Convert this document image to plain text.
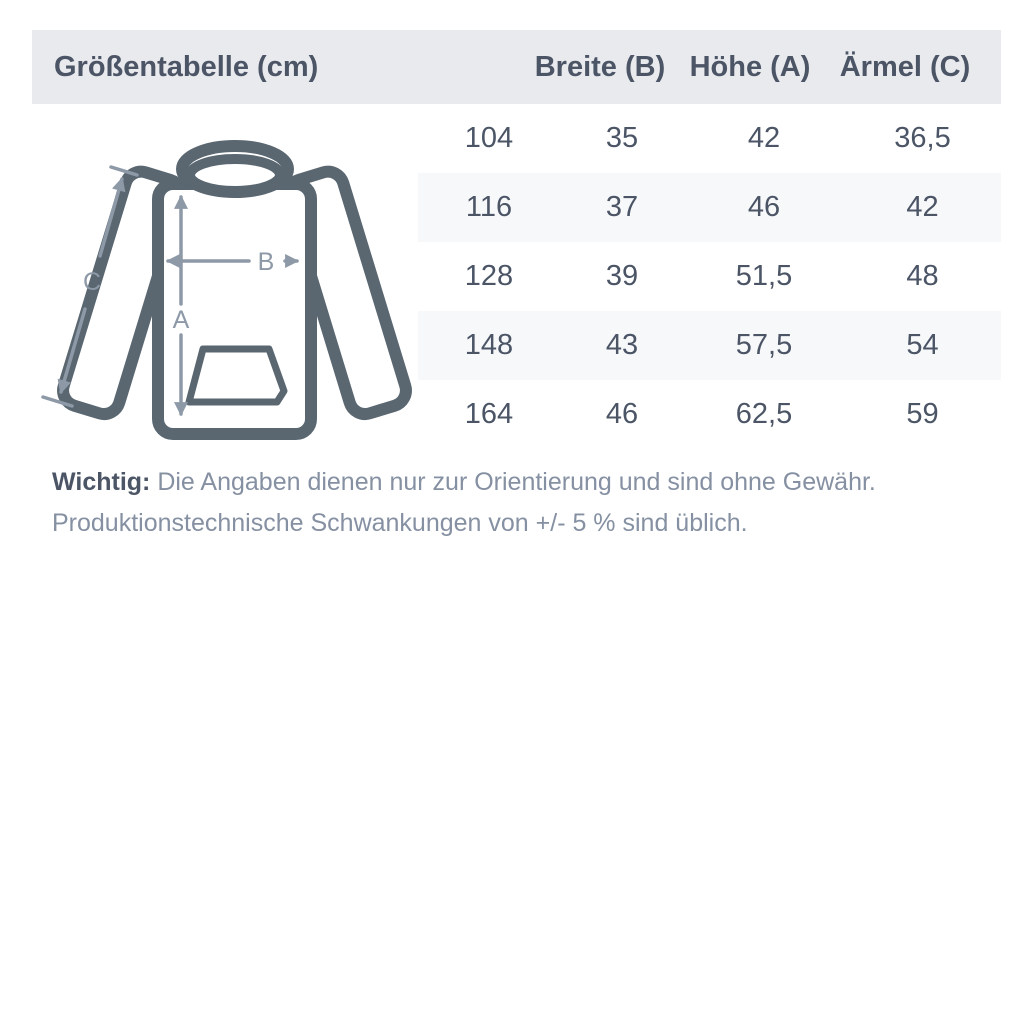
Größentabelle (cm)	Breite (B) Höhe (A)	Ärmel (C)
A
B
C
104	35	42	36,5
116	37	46	42
128	39	51,5	48
148	43	57,5	54
164	46	62,5	59
Wichtig: Die Angaben dienen nur zur Orientierung und sind ohne Gewähr.
Produktionstechnische Schwankungen von +/- 5 % sind üblich.
